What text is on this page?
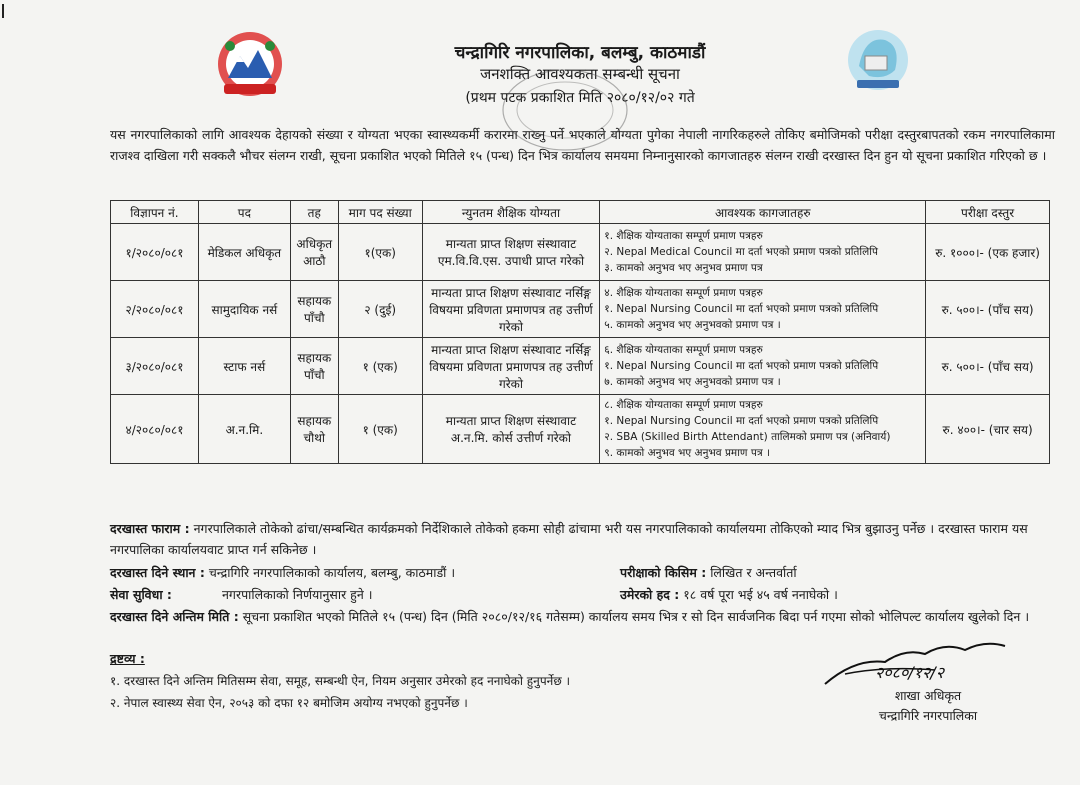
चन्द्रागिरि नगरपालिका, बलम्बु, काठमाडौं
जनशक्ति आवश्यकता सम्बन्धी सूचना
(प्रथम पटक प्रकाशित मिति २०८०/१२/०२ गते
यस नगरपालिकाको लागि आवश्यक देहायको संख्या र योग्यता भएका स्वास्थ्यकर्मी करारमा राख्नु पर्ने भएकाले योग्यता पुगेका नेपाली नागरिकहरुले तोकिए बमोजिमको परीक्षा दस्तुरबापतको रकम नगरपालिकामा राजश्व दाखिला गरी सक्कलै भौचर संलग्न राखी, सूचना प्रकाशित भएको मितिले १५ (पन्ध) दिन भित्र कार्यालय समयमा निम्नानुसारको कागजातहरु संलग्न राखी दरखास्त दिन हुन यो सूचना प्रकाशित गरिएको छ ।
विज्ञापन नं.	पद	तह	माग पद संख्या	न्युनतम शैक्षिक योग्यता	आवश्यक कागजातहरु	परीक्षा दस्तुर
१/२०८०/०८१	मेडिकल अधिकृत	अधिकृत आठौ	१(एक)	मान्यता प्राप्त शिक्षण संस्थावाट एम.वि.वि.एस. उपाधी प्राप्त गरेको	१. शैक्षिक योग्यताका सम्पूर्ण प्रमाण पत्रहरु
२. Nepal Medical Council मा दर्ता भएको प्रमाण पत्रको प्रतिलिपि
३. कामको अनुभव भए अनुभव प्रमाण पत्र	रु. १०००।- (एक हजार)
२/२०८०/०८१	सामुदायिक नर्स	सहायक पाँचौ	२ (दुई)	मान्यता प्राप्त शिक्षण संस्थावाट नर्सिङ्ग विषयमा प्रविणता प्रमाणपत्र तह उत्तीर्ण गरेको	४. शैक्षिक योग्यताका सम्पूर्ण प्रमाण पत्रहरु
१. Nepal Nursing Council मा दर्ता भएको प्रमाण पत्रको प्रतिलिपि
५. कामको अनुभव भए अनुभवको प्रमाण पत्र ।	रु. ५००।- (पाँच सय)
३/२०८०/०८१	स्टाफ नर्स	सहायक पाँचौ	१ (एक)	मान्यता प्राप्त शिक्षण संस्थावाट नर्सिङ्ग विषयमा प्रविणता प्रमाणपत्र तह उत्तीर्ण गरेको	६. शैक्षिक योग्यताका सम्पूर्ण प्रमाण पत्रहरु
१. Nepal Nursing Council मा दर्ता भएको प्रमाण पत्रको प्रतिलिपि
७. कामको अनुभव भए अनुभवको प्रमाण पत्र ।	रु. ५००।- (पाँच सय)
४/२०८०/०८१	अ.न.मि.	सहायक चौथो	१ (एक)	मान्यता प्राप्त शिक्षण संस्थावाट अ.न.मि. कोर्स उत्तीर्ण गरेको	८. शैक्षिक योग्यताका सम्पूर्ण प्रमाण पत्रहरु
१. Nepal Nursing Council मा दर्ता भएको प्रमाण पत्रको प्रतिलिपि
२. SBA (Skilled Birth Attendant) तालिमको प्रमाण पत्र (अनिवार्य)
९. कामको अनुभव भए अनुभव प्रमाण पत्र ।	रु. ४००।- (चार सय)
दरखास्त फाराम : नगरपालिकाले तोकेको ढांचा/सम्बन्धित कार्यक्रमको निर्देशिकाले तोकेको हकमा सोही ढांचामा भरी यस नगरपालिकाको कार्यालयमा तोकिएको म्याद भित्र बुझाउनु पर्नेछ । दरखास्त फाराम यस नगरपालिका कार्यालयवाट प्राप्त गर्न सकिनेछ ।
दरखास्त दिने स्थान : चन्द्रागिरि नगरपालिकाको कार्यालय, बलम्बु, काठमाडौं ।	परीक्षाको किसिम : लिखित र अन्तर्वार्ता
सेवा सुविधा :	नगरपालिकाको निर्णयानुसार हुने ।	उमेरको हद : १८ वर्ष पूरा भई ४५ वर्ष ननाघेको ।
दरखास्त दिने अन्तिम मिति : सूचना प्रकाशित भएको मितिले १५ (पन्ध) दिन (मिति २०८०/१२/१६ गतेसम्म) कार्यालय समय भित्र र सो दिन सार्वजनिक बिदा पर्न गएमा सोको भोलिपल्ट कार्यालय खुलेको दिन ।
द्रष्टव्य :
१. दरखास्त दिने अन्तिम मितिसम्म सेवा, समूह, सम्बन्धी ऐन, नियम अनुसार उमेरको हद ननाघेको हुनुपर्नेछ ।
२. नेपाल स्वास्थ्य सेवा ऐन, २०५३ को दफा १२ बमोजिम अयोग्य नभएको हुनुपर्नेछ ।
२०८०/१२/२
शाखा अधिकृत
चन्द्रागिरि नगरपालिका
